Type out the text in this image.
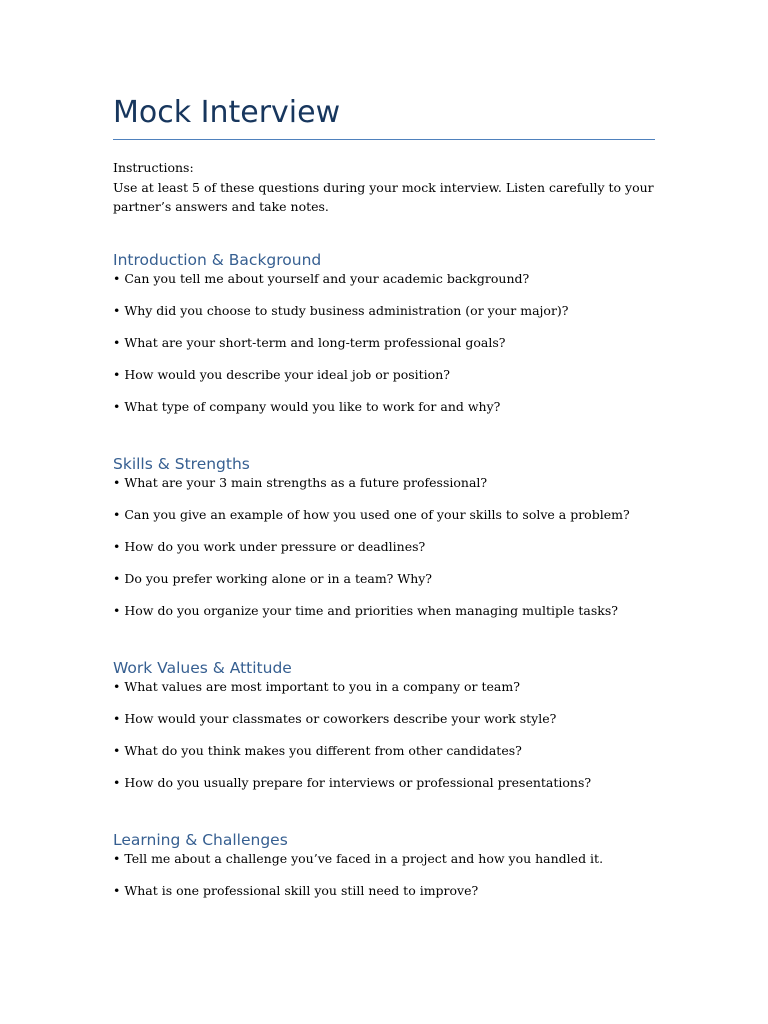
Mock Interview

Instructions:

Use at least 5 of these questions during your mock interview. Listen carefully to your partner’s answers and take notes.

Introduction & Background
• Can you tell me about yourself and your academic background?
• Why did you choose to study business administration (or your major)?
• What are your short-term and long-term professional goals?
• How would you describe your ideal job or position?
• What type of company would you like to work for and why?
Skills & Strengths
• What are your 3 main strengths as a future professional?
• Can you give an example of how you used one of your skills to solve a problem?
• How do you work under pressure or deadlines?
• Do you prefer working alone or in a team? Why?
• How do you organize your time and priorities when managing multiple tasks?
Work Values & Attitude
• What values are most important to you in a company or team?
• How would your classmates or coworkers describe your work style?
• What do you think makes you different from other candidates?
• How do you usually prepare for interviews or professional presentations?
Learning & Challenges
• Tell me about a challenge you’ve faced in a project and how you handled it.
• What is one professional skill you still need to improve?
